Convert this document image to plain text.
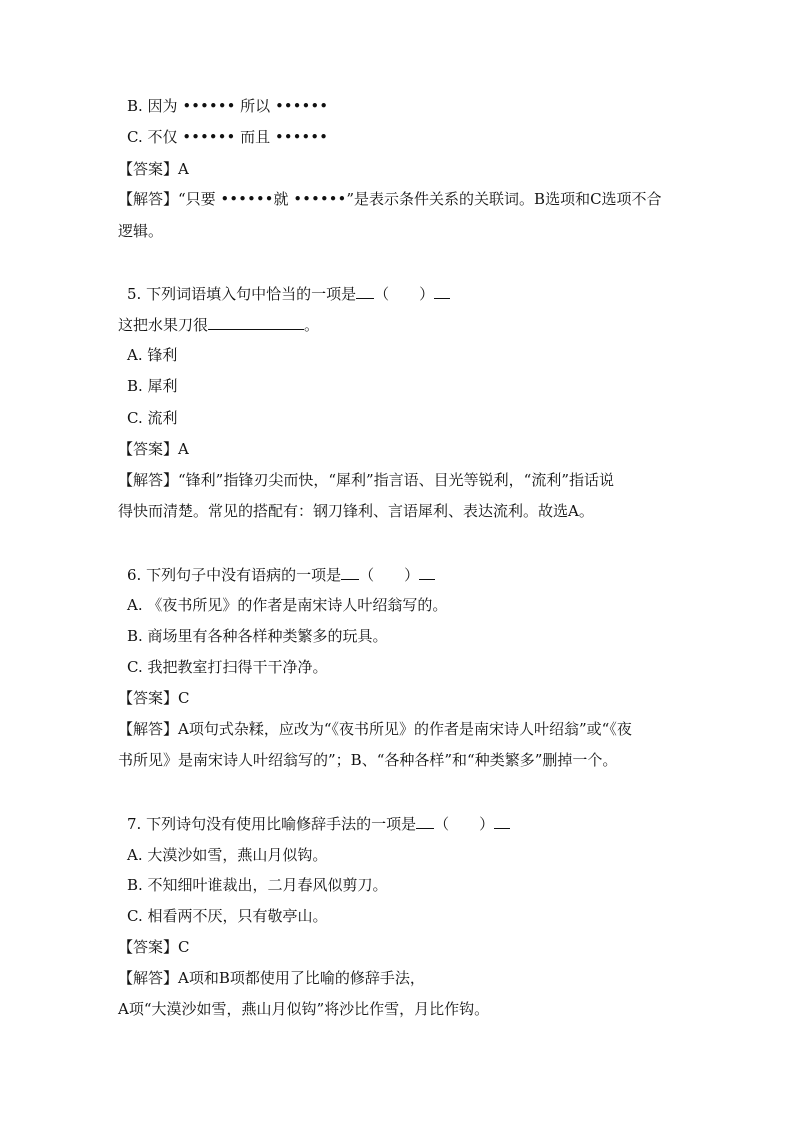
B. 因为 •••••• 所以 ••••••
C. 不仅 •••••• 而且 ••••••
【答案】A
【解答】“只要 ••••••就 ••••••”是表示条件关系的关联词。B选项和C选项不合
逻辑。
5. 下列词语填入句中恰当的一项是 （　　）
这把水果刀很	。
A. 锋利
B. 犀利
C. 流利
【答案】A
【解答】“锋利”指锋刃尖而快，“犀利”指言语、目光等锐利，“流利”指话说
得快而清楚。常见的搭配有：钢刀锋利、言语犀利、表达流利。故选A。
6. 下列句子中没有语病的一项是 （　　）
A. 《夜书所见》的作者是南宋诗人叶绍翁写的。
B. 商场里有各种各样种类繁多的玩具。
C. 我把教室打扫得干干净净。
【答案】C
【解答】A项句式杂糅，应改为“《夜书所见》的作者是南宋诗人叶绍翁”或“《夜
书所见》是南宋诗人叶绍翁写的”；B、“各种各样”和“种类繁多”删掉一个。
7. 下列诗句没有使用比喻修辞手法的一项是 （　　）
A. 大漠沙如雪，燕山月似钩。
B. 不知细叶谁裁出，二月春风似剪刀。
C. 相看两不厌，只有敬亭山。
【答案】C
【解答】A项和B项都使用了比喻的修辞手法，
A项“大漠沙如雪，燕山月似钩”将沙比作雪，月比作钩。
